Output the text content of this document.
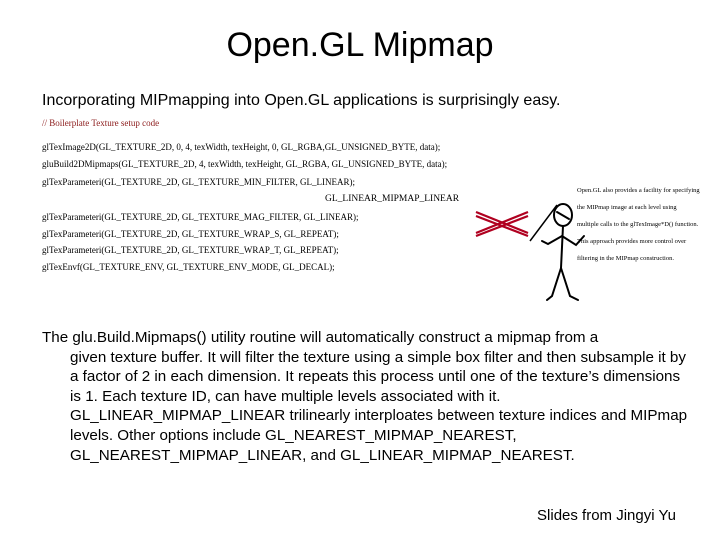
Open.GL Mipmap
Incorporating MIPmapping into Open.GL applications is surprisingly easy.
// Boilerplate Texture setup code
glTexImage2D(GL_TEXTURE_2D, 0, 4, texWidth, texHeight, 0, GL_RGBA,GL_UNSIGNED_BYTE, data);
gluBuild2DMipmaps(GL_TEXTURE_2D, 4, texWidth, texHeight, GL_RGBA, GL_UNSIGNED_BYTE, data);
glTexParameteri(GL_TEXTURE_2D, GL_TEXTURE_MIN_FILTER, GL_LINEAR);
GL_LINEAR_MIPMAP_LINEAR
glTexParameteri(GL_TEXTURE_2D, GL_TEXTURE_MAG_FILTER, GL_LINEAR);
glTexParameteri(GL_TEXTURE_2D, GL_TEXTURE_WRAP_S, GL_REPEAT);
glTexParameteri(GL_TEXTURE_2D, GL_TEXTURE_WRAP_T, GL_REPEAT);
glTexEnvf(GL_TEXTURE_ENV, GL_TEXTURE_ENV_MODE, GL_DECAL);
Open.GL also provides a facility for specifying
the MIPmap image at each level using
multiple calls to the glTexImage*D() function.
This approach provides more control over
filtering in the MIPmap construction.
The glu.Build.Mipmaps() utility routine will automatically construct a mipmap from a
given texture buffer. It will filter the texture using a simple box filter and then subsample it by a factor of 2 in each dimension. It repeats this process until one of the texture’s dimensions is 1. Each texture ID, can have multiple levels associated with it. GL_LINEAR_MIPMAP_LINEAR trilinearly interploates between texture indices and MIPmap levels. Other options include GL_NEAREST_MIPMAP_NEAREST, GL_NEAREST_MIPMAP_LINEAR, and GL_LINEAR_MIPMAP_NEAREST.
Slides from Jingyi Yu
